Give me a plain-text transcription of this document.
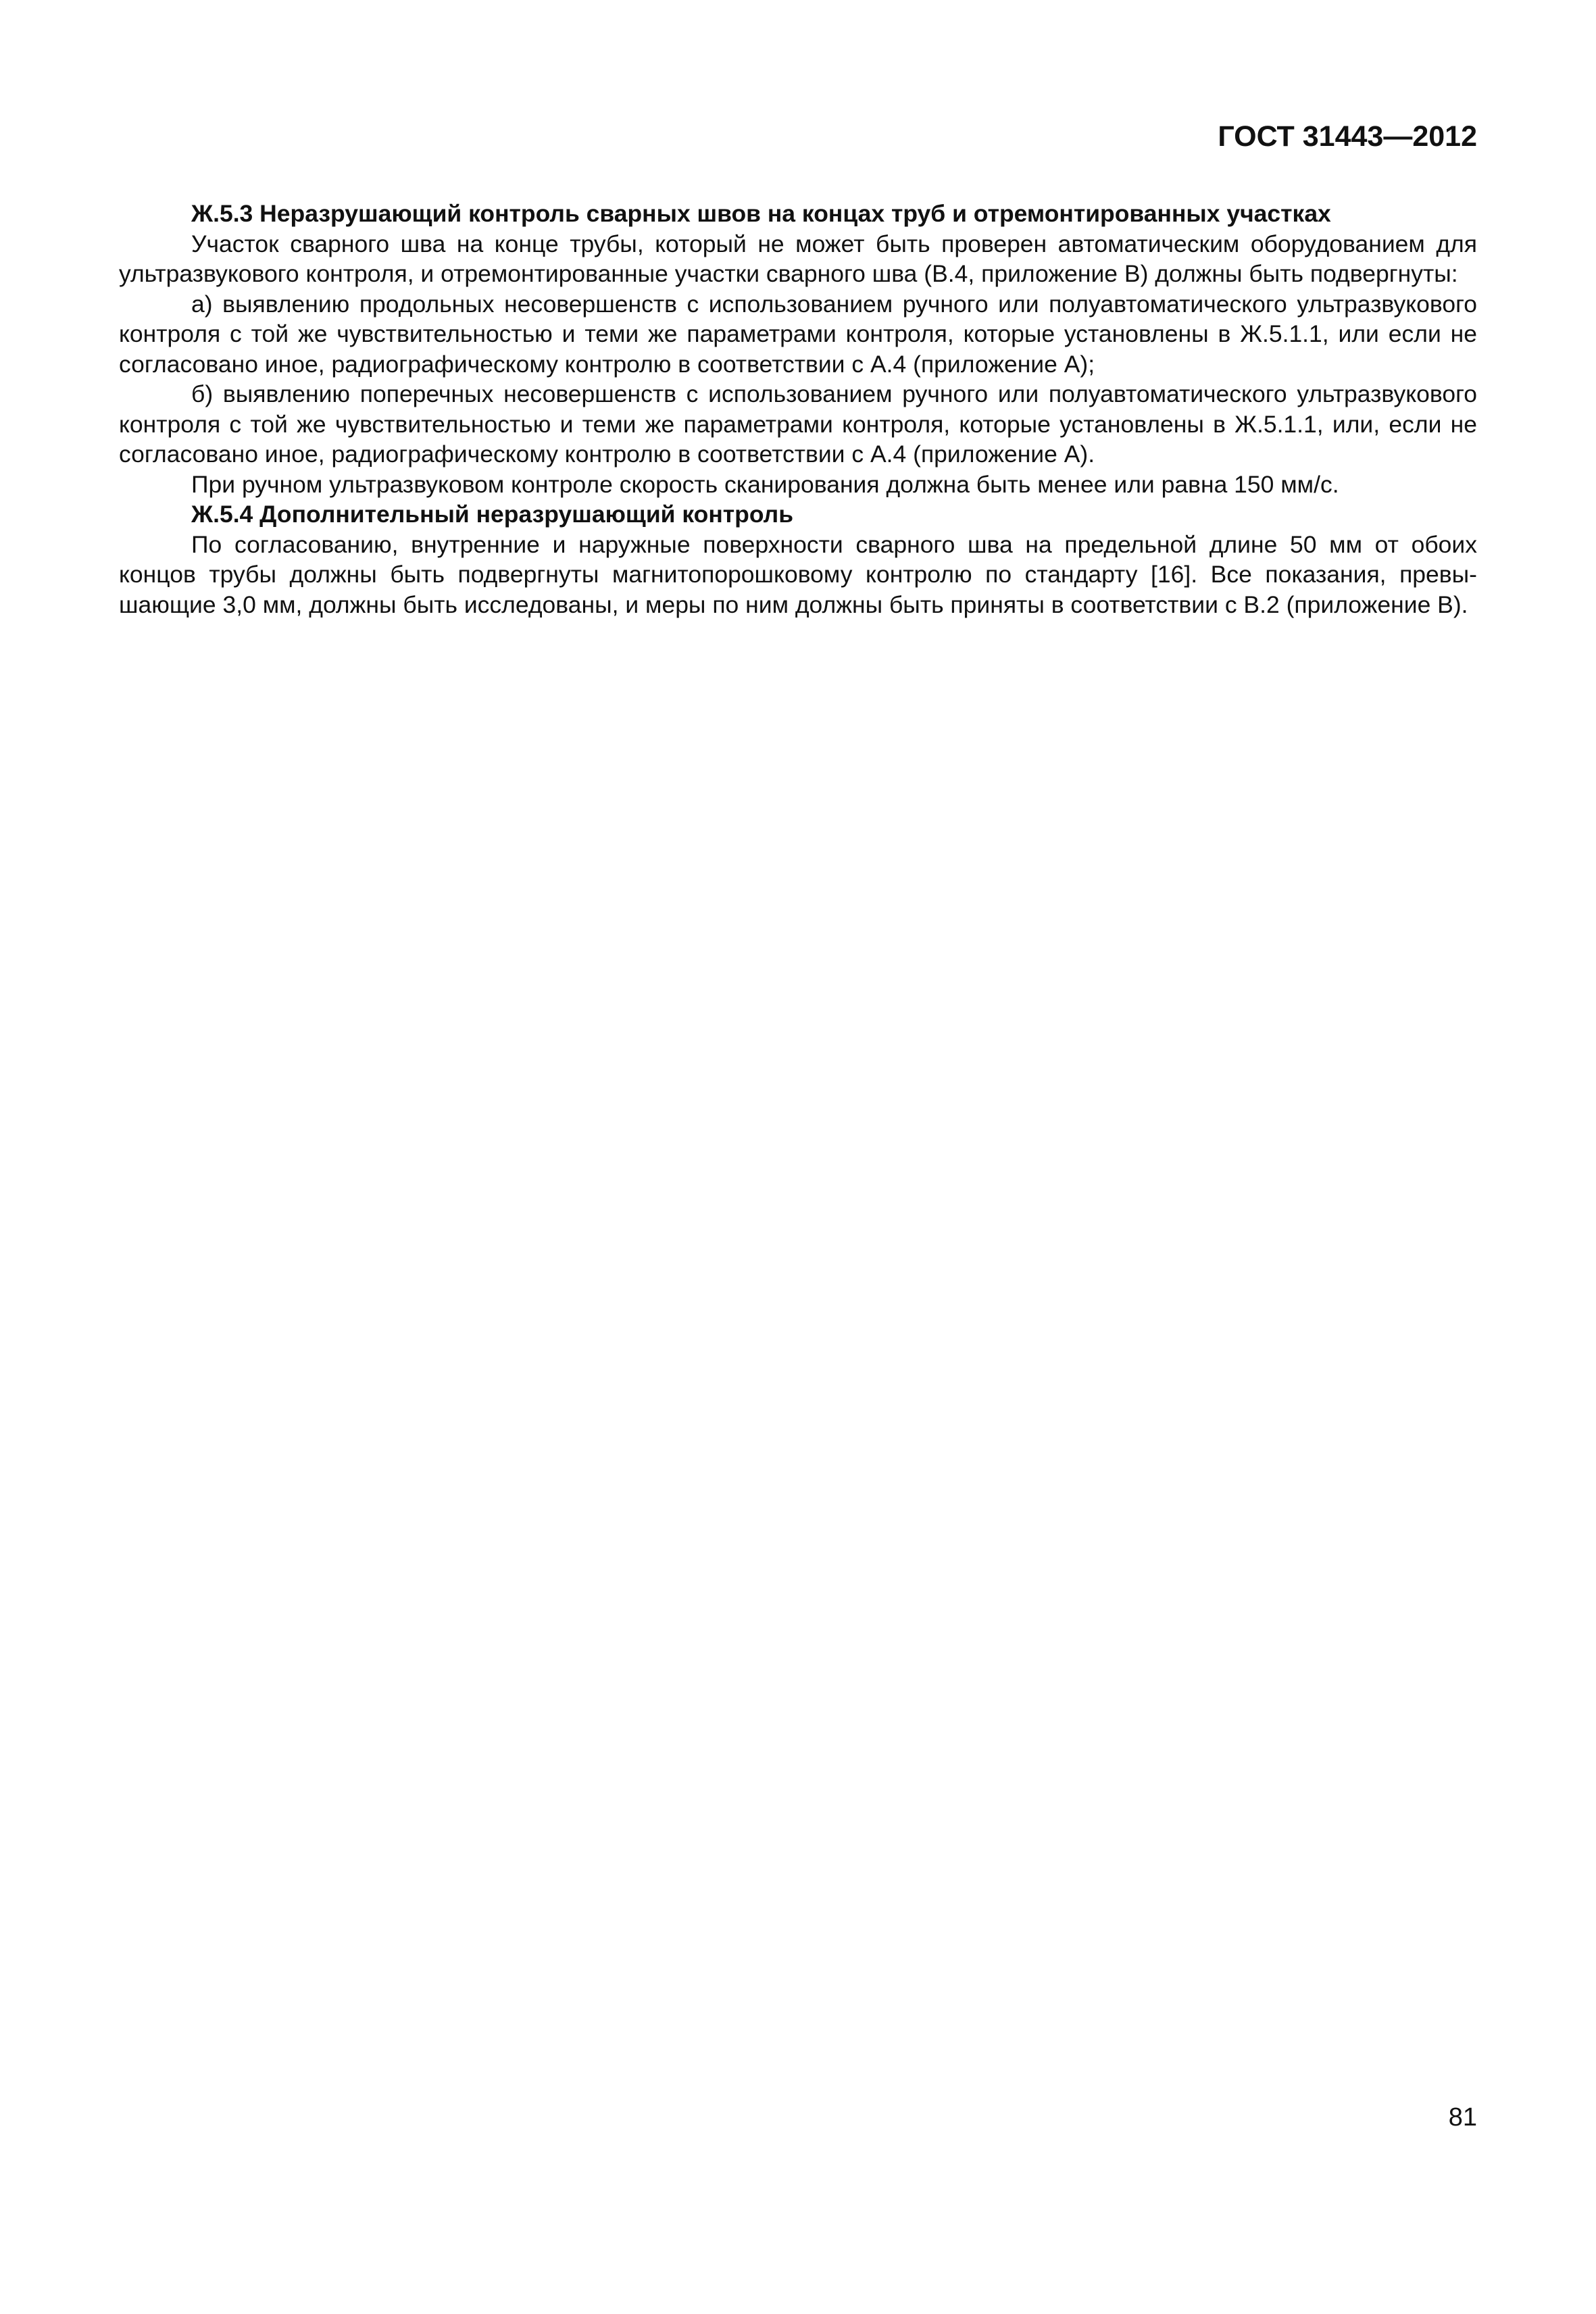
ГОСТ 31443—2012

Ж.5.3 Неразрушающий контроль сварных швов на концах труб и отремонтированных участках

Участок сварного шва на конце трубы, который не может быть проверен автоматическим оборудованием для ультразвукового контроля, и отремонтированные участки сварного шва (В.4, приложение В) должны быть подвергнуты:

а) выявлению продольных несовершенств с использованием ручного или полуавтоматического ультразвукового контроля с той же чувствительностью и теми же параметрами контроля, которые установлены в Ж.5.1.1, или если не согласовано иное, радиографическому контролю в соответствии с А.4 (приложение А);

б) выявлению поперечных несовершенств с использованием ручного или полуавтоматического ультразвукового контроля с той же чувствительностью и теми же параметрами контроля, которые установлены в Ж.5.1.1, или, если не согласовано иное, радиографическому контролю в соответствии с А.4 (приложение А).

При ручном ультразвуковом контроле скорость сканирования должна быть менее или равна 150 мм/с.

Ж.5.4 Дополнительный неразрушающий контроль

По согласованию, внутренние и наружные поверхности сварного шва на предельной длине 50 мм от обоих концов трубы должны быть подвергнуты магнитопорошковому контролю по стандарту [16]. Все показания, превышающие 3,0 мм, должны быть исследованы, и меры по ним должны быть приняты в соответствии с В.2 (приложение В).

81
